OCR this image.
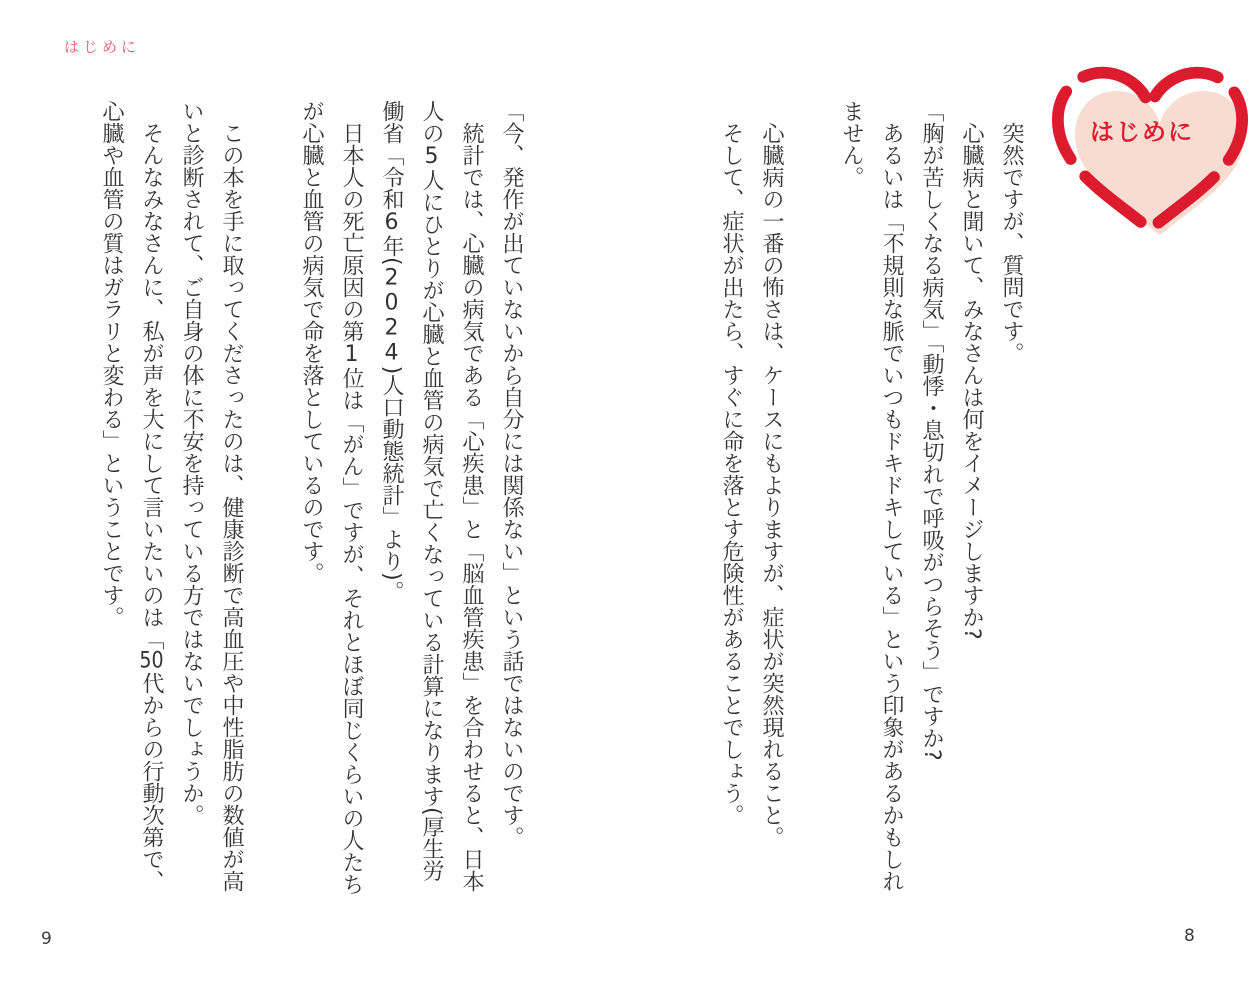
はじめに
はじめに

　突然ですが、質問です。

　心臓病と聞いて、みなさんは何をイメージしますか?

「胸が苦しくなる病気」「動悸・息切れで呼吸がつらそう」ですか?

　あるいは「不規則な脈でいつもドキドキしている」という印象があるかもしれません。

　心臓病の一番の怖さは、ケースにもよりますが、症状が突然現れること。

　そして、症状が出たら、すぐに命を落とす危険性があることでしょう。

「今、発作が出ていないから自分には関係ない」という話ではないのです。

　統計では、心臓の病気である「心疾患」と「脳血管疾患」を合わせると、日本人の5人にひとりが心臓と血管の病気で亡くなっている計算になります(厚生労働省「令和6年(2024)人口動態統計」より)。

　日本人の死亡原因の第1位は「がん」ですが、それとほぼ同じくらいの人たちが心臓と血管の病気で命を落としているのです。

　この本を手に取ってくださったのは、健康診断で高血圧や中性脂肪の数値が高いと診断されて、ご自身の体に不安を持っている方ではないでしょうか。

　そんなみなさんに、私が声を大にして言いたいのは「50代からの行動次第で、心臓や血管の質はガラリと変わる」ということです。

9	8
